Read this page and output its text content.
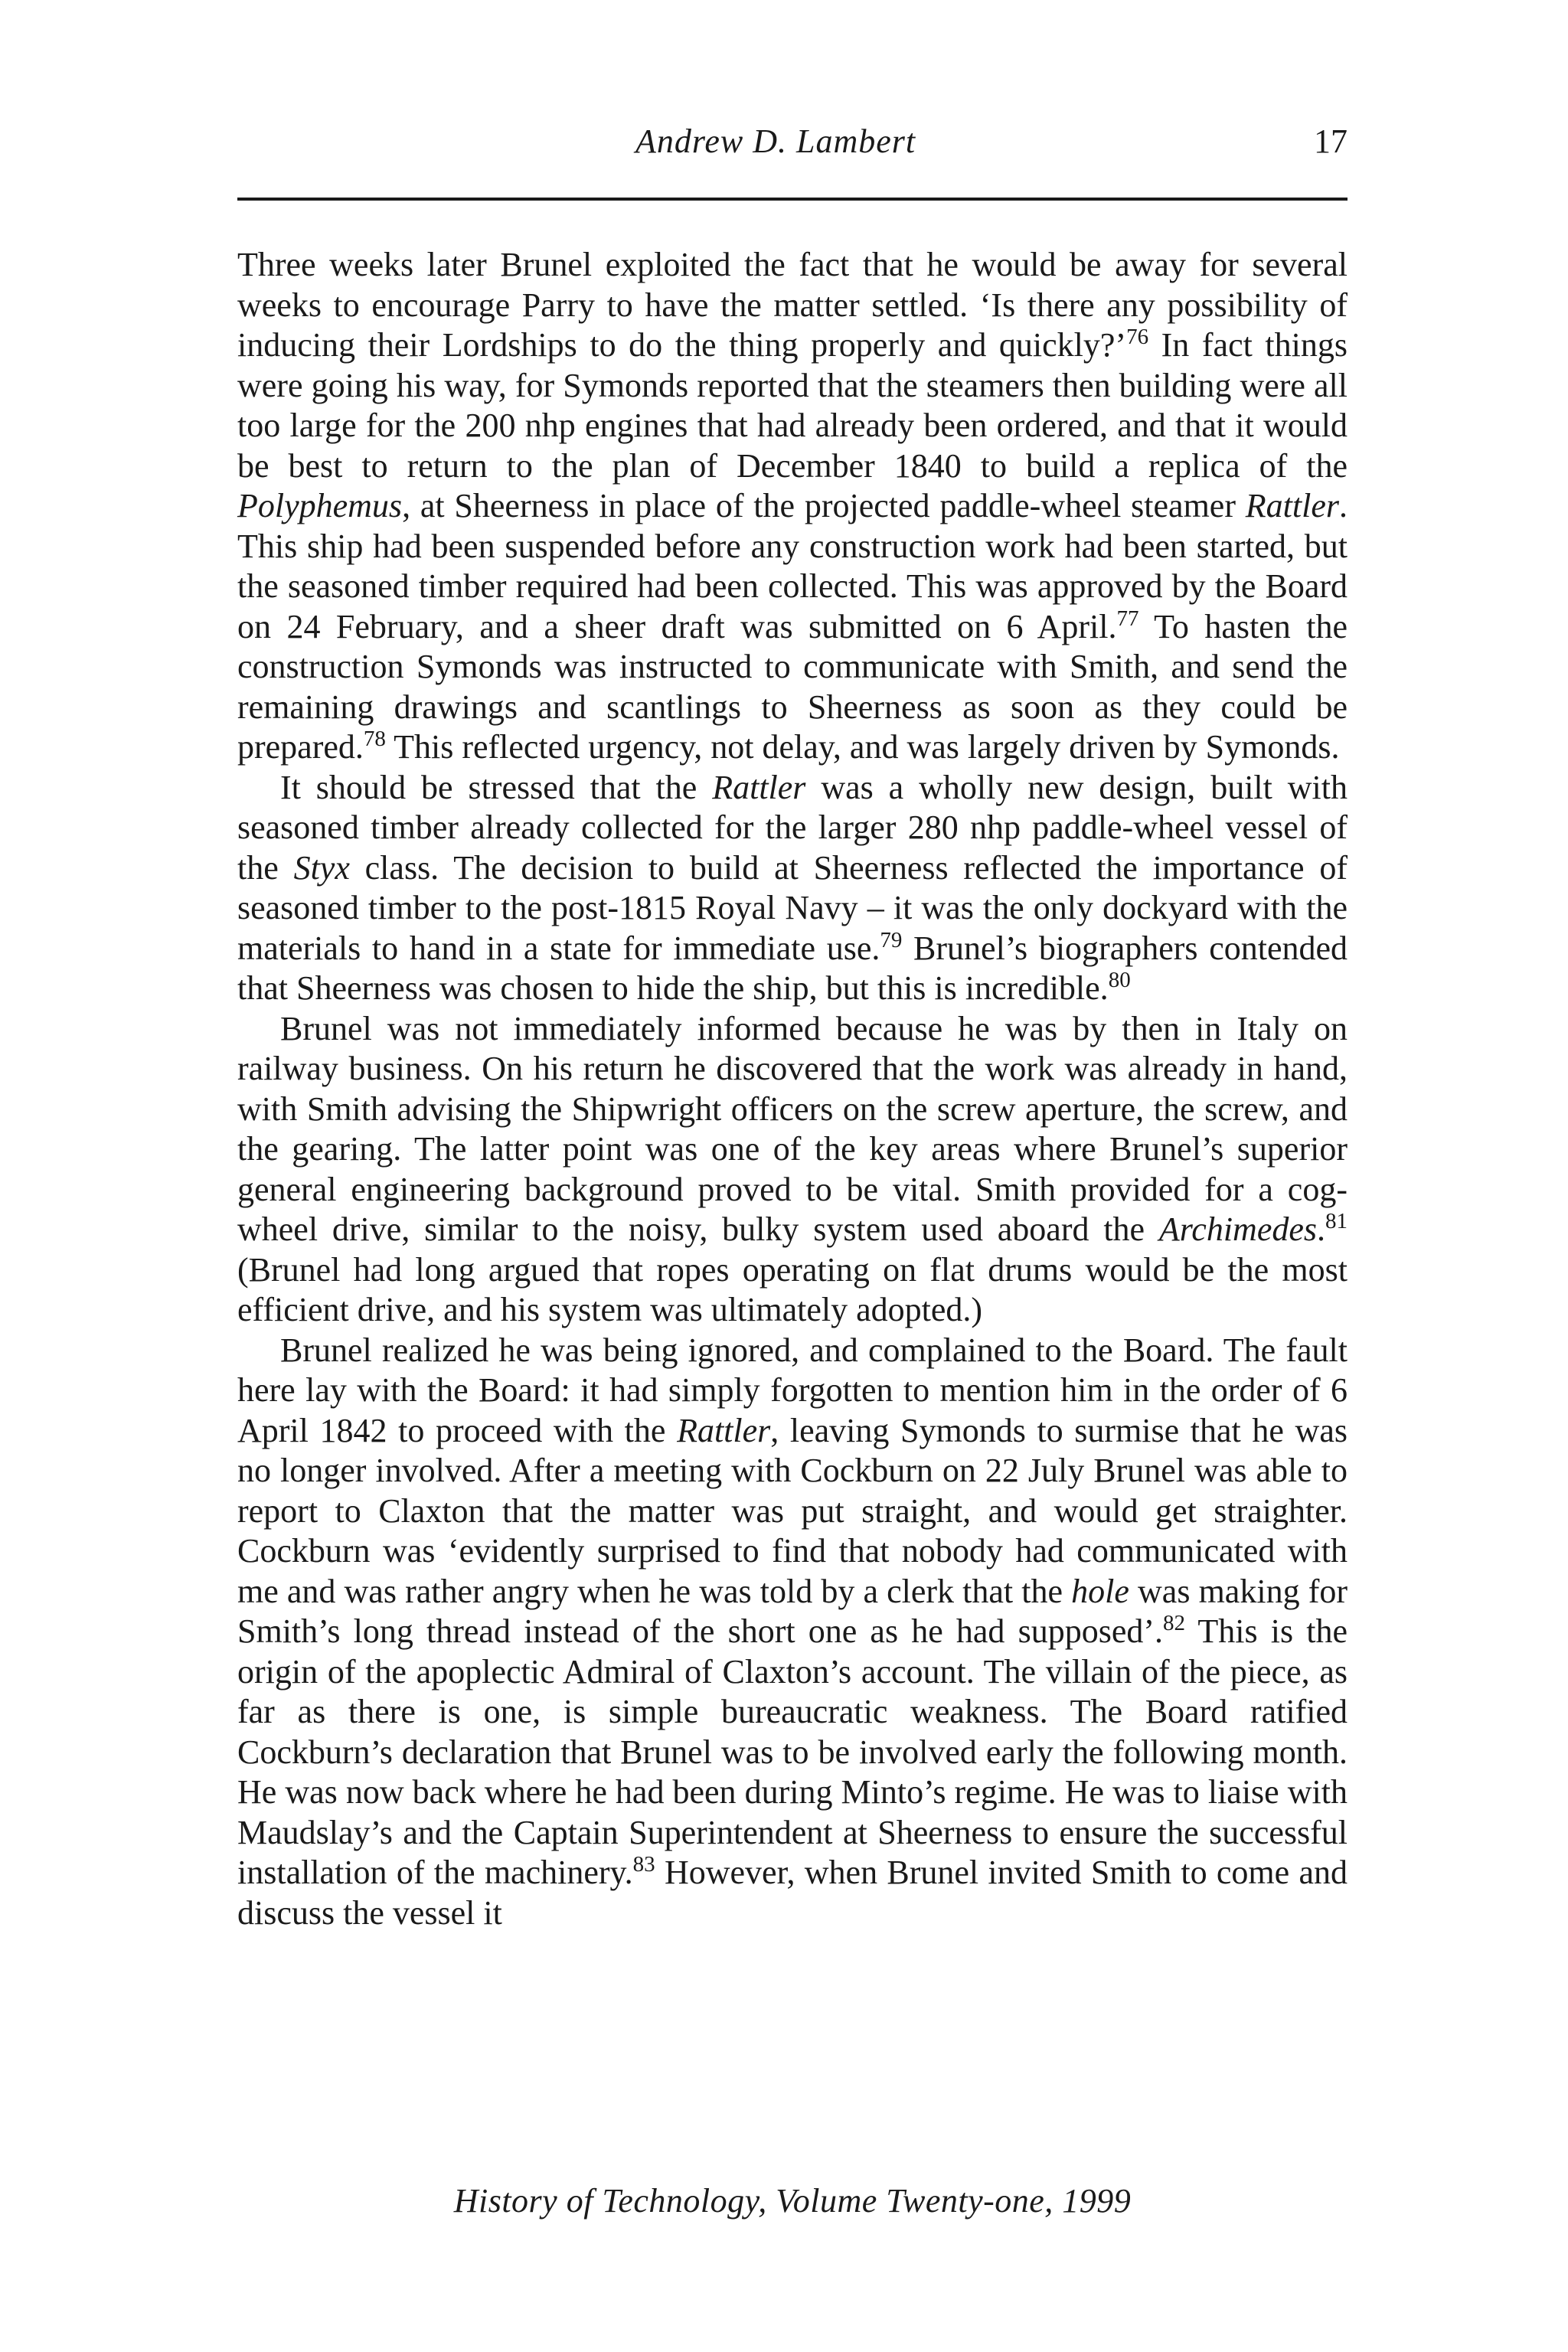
Andrew D. Lambert	17

Three weeks later Brunel exploited the fact that he would be away for several weeks to encourage Parry to have the matter settled. ‘Is there any possibility of inducing their Lordships to do the thing properly and quickly?’$^{76}$ In fact things were going his way, for Symonds reported that the steamers then building were all too large for the 200 nhp engines that had already been ordered, and that it would be best to return to the plan of December 1840 to build a replica of the Polyphemus, at Sheerness in place of the projected paddle-wheel steamer Rattler. This ship had been suspended before any construction work had been started, but the seasoned timber required had been collected. This was approved by the Board on 24 February, and a sheer draft was submitted on 6 April.$^{77}$ To hasten the construction Symonds was instructed to communicate with Smith, and send the remaining drawings and scantlings to Sheerness as soon as they could be prepared.$^{78}$ This reflected urgency, not delay, and was largely driven by Symonds.

It should be stressed that the Rattler was a wholly new design, built with seasoned timber already collected for the larger 280 nhp paddle-wheel vessel of the Styx class. The decision to build at Sheerness reflected the importance of seasoned timber to the post-1815 Royal Navy – it was the only dockyard with the materials to hand in a state for immediate use.$^{79}$ Brunel’s biographers contended that Sheerness was chosen to hide the ship, but this is incredible.$^{80}$

Brunel was not immediately informed because he was by then in Italy on railway business. On his return he discovered that the work was already in hand, with Smith advising the Shipwright officers on the screw aperture, the screw, and the gearing. The latter point was one of the key areas where Brunel’s superior general engineering background proved to be vital. Smith provided for a cog-wheel drive, similar to the noisy, bulky system used aboard the Archimedes.$^{81}$ (Brunel had long argued that ropes operating on flat drums would be the most efficient drive, and his system was ultimately adopted.)

Brunel realized he was being ignored, and complained to the Board. The fault here lay with the Board: it had simply forgotten to mention him in the order of 6 April 1842 to proceed with the Rattler, leaving Symonds to surmise that he was no longer involved. After a meeting with Cockburn on 22 July Brunel was able to report to Claxton that the matter was put straight, and would get straighter. Cockburn was ‘evidently surprised to find that nobody had communicated with me and was rather angry when he was told by a clerk that the hole was making for Smith’s long thread instead of the short one as he had supposed’.$^{82}$ This is the origin of the apoplectic Admiral of Claxton’s account. The villain of the piece, as far as there is one, is simple bureaucratic weakness. The Board ratified Cockburn’s declaration that Brunel was to be involved early the following month. He was now back where he had been during Minto’s regime. He was to liaise with Maudslay’s and the Captain Superintendent at Sheerness to ensure the successful installation of the machinery.$^{83}$ However, when Brunel invited Smith to come and discuss the vessel it

History of Technology, Volume Twenty-one, 1999
